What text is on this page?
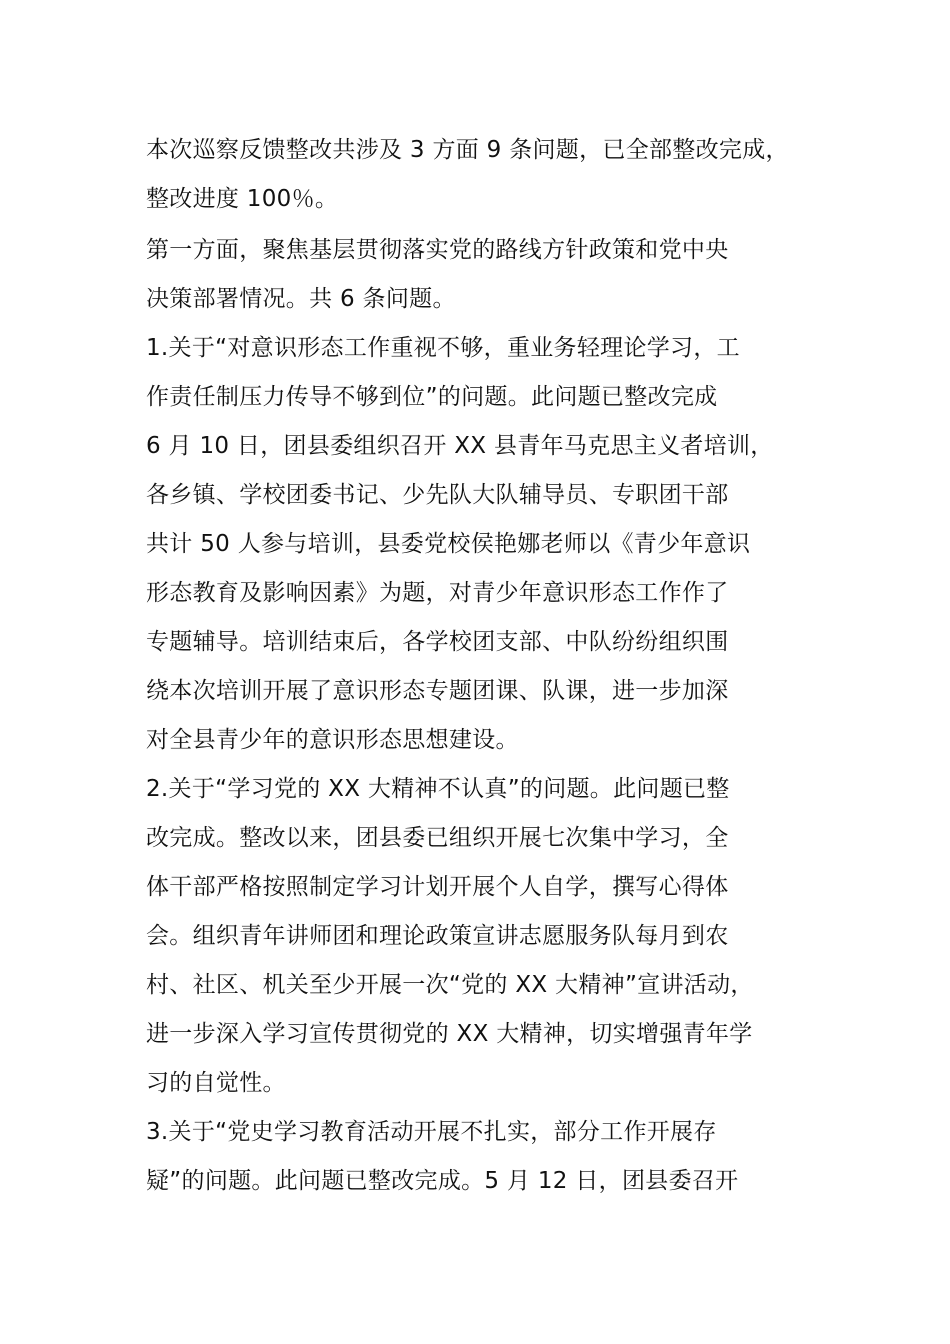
本次巡察反馈整改共涉及 3 方面 9 条问题，已全部整改完成，
整改进度 100％。
第一方面，聚焦基层贯彻落实党的路线方针政策和党中央
决策部署情况。共 6 条问题。
1.关于“对意识形态工作重视不够，重业务轻理论学习，工
作责任制压力传导不够到位”的问题。此问题已整改完成
6 月 10 日，团县委组织召开 XX 县青年马克思主义者培训，
各乡镇、学校团委书记、少先队大队辅导员、专职团干部
共计 50 人参与培训，县委党校侯艳娜老师以《青少年意识
形态教育及影响因素》为题，对青少年意识形态工作作了
专题辅导。培训结束后，各学校团支部、中队纷纷组织围
绕本次培训开展了意识形态专题团课、队课，进一步加深
对全县青少年的意识形态思想建设。
2.关于“学习党的 XX 大精神不认真”的问题。此问题已整
改完成。整改以来，团县委已组织开展七次集中学习，全
体干部严格按照制定学习计划开展个人自学，撰写心得体
会。组织青年讲师团和理论政策宣讲志愿服务队每月到农
村、社区、机关至少开展一次“党的 XX 大精神”宣讲活动，
进一步深入学习宣传贯彻党的 XX 大精神，切实增强青年学
习的自觉性。
3.关于“党史学习教育活动开展不扎实，部分工作开展存
疑”的问题。此问题已整改完成。5 月 12 日，团县委召开
